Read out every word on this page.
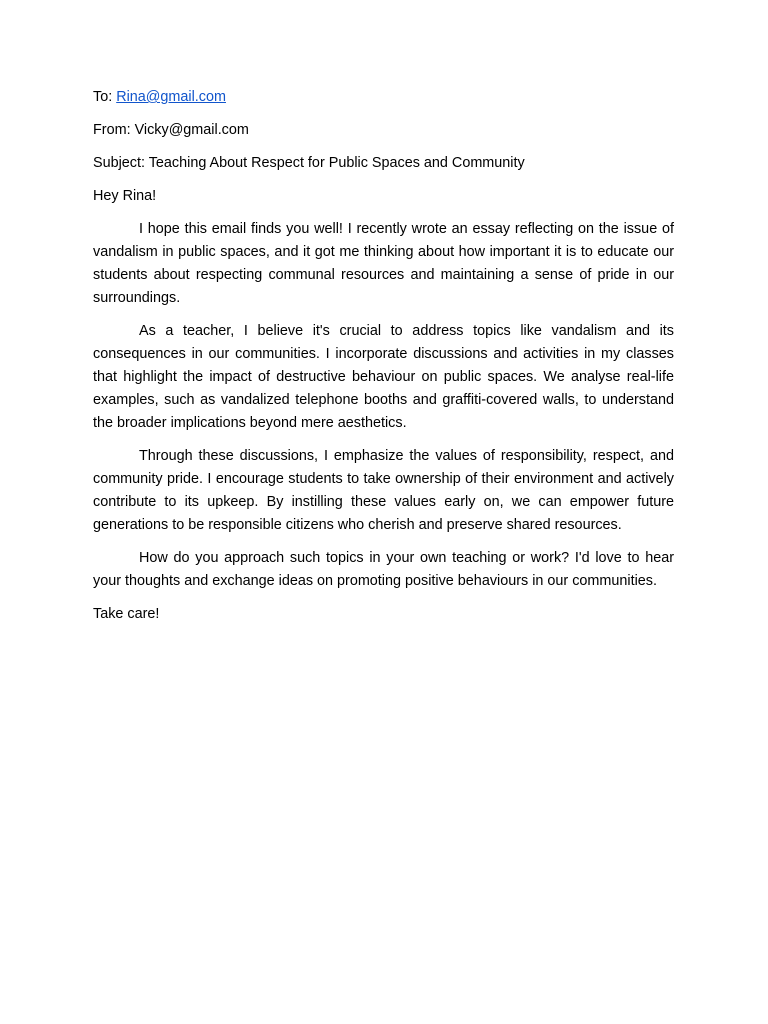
To: Rina@gmail.com

From: Vicky@gmail.com

Subject: Teaching About Respect for Public Spaces and Community

Hey Rina!

I hope this email finds you well! I recently wrote an essay reflecting on the issue of vandalism in public spaces, and it got me thinking about how important it is to educate our students about respecting communal resources and maintaining a sense of pride in our surroundings.

As a teacher, I believe it's crucial to address topics like vandalism and its consequences in our communities. I incorporate discussions and activities in my classes that highlight the impact of destructive behaviour on public spaces. We analyse real-life examples, such as vandalized telephone booths and graffiti-covered walls, to understand the broader implications beyond mere aesthetics.

Through these discussions, I emphasize the values of responsibility, respect, and community pride. I encourage students to take ownership of their environment and actively contribute to its upkeep. By instilling these values early on, we can empower future generations to be responsible citizens who cherish and preserve shared resources.

How do you approach such topics in your own teaching or work? I'd love to hear your thoughts and exchange ideas on promoting positive behaviours in our communities.

Take care!
